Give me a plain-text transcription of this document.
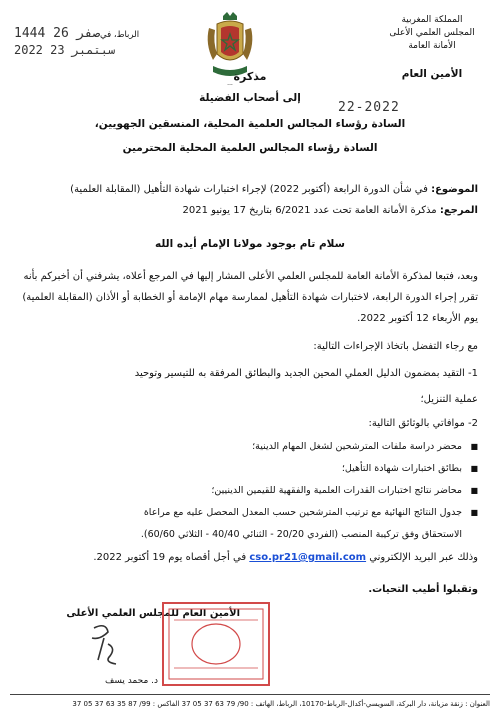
المملكة المغربية
المجلس العلمي الأعلى
الأمانة العامة
الأمين العام
---
1444 صفر 26 الرباط، في
2022 سبتمبر 23
22-2022
مذكرة
إلى أصحاب الفضيلة
السادة رؤساء المجالس العلمية المحلية، المنسقين الجهويين،
السادة رؤساء المجالس العلمية المحلية المحترمين
الموضوع: في شأن الدورة الرابعة (أكتوبر 2022) لإجراء اختبارات شهادة التأهيل (المقابلة العلمية)
المرجع: مذكرة الأمانة العامة تحت عدد 6/2021 بتاريخ 17 يونيو 2021
سلام تام بوجود مولانا الإمام أيده الله
وبعد، فتبعا لمذكرة الأمانة العامة للمجلس العلمي الأعلى المشار إليها في المرجع أعلاه، يشرفني أن أخبركم بأنه تقرر إجراء الدورة الرابعة، لاختبارات شهادة التأهيل لممارسة مهام الإمامة أو الخطابة أو الأذان (المقابلة العلمية) يوم الأربعاء 12 أكتوبر 2022.
مع رجاء التفضل باتخاذ الإجراءات التالية:
1- التقيد بمضمون الدليل العملي المحين الجديد والبطائق المرفقة به للتيسير وتوحيد
عملية التنزيل؛
2- موافاتي بالوثائق التالية:
■ محضر دراسة ملفات المترشحين لشغل المهام الدينية؛
■ بطائق اختبارات شهادة التأهيل؛
■ محاضر نتائج اختبارات القدرات العلمية والفقهية للقيمين الدينيين؛
■ جدول النتائج النهائية مع ترتيب المترشحين حسب المعدل المحصل عليه مع مراعاة
الاستحقاق وفق تركيبة المنصب (الفردي 20/20 - الثنائي 40/40 - الثلاثي 60/60).
وذلك عبر البريد الإلكتروني cso.pr21@gmail.com في أجل أقصاه يوم 19 أكتوبر 2022.
وتقبلوا أطيب التحيات.
الأمين العام للمجلس العلمي الأعلى
د. محمد يسف
العنوان : زنقة مزيانة، دار البركة، السويسي-أكدال-الرباط-10170، الرباط، الهاتف : 90/ 79 63 37 05 37 الفاكس : 99/ 87 35 63 37 05 37
